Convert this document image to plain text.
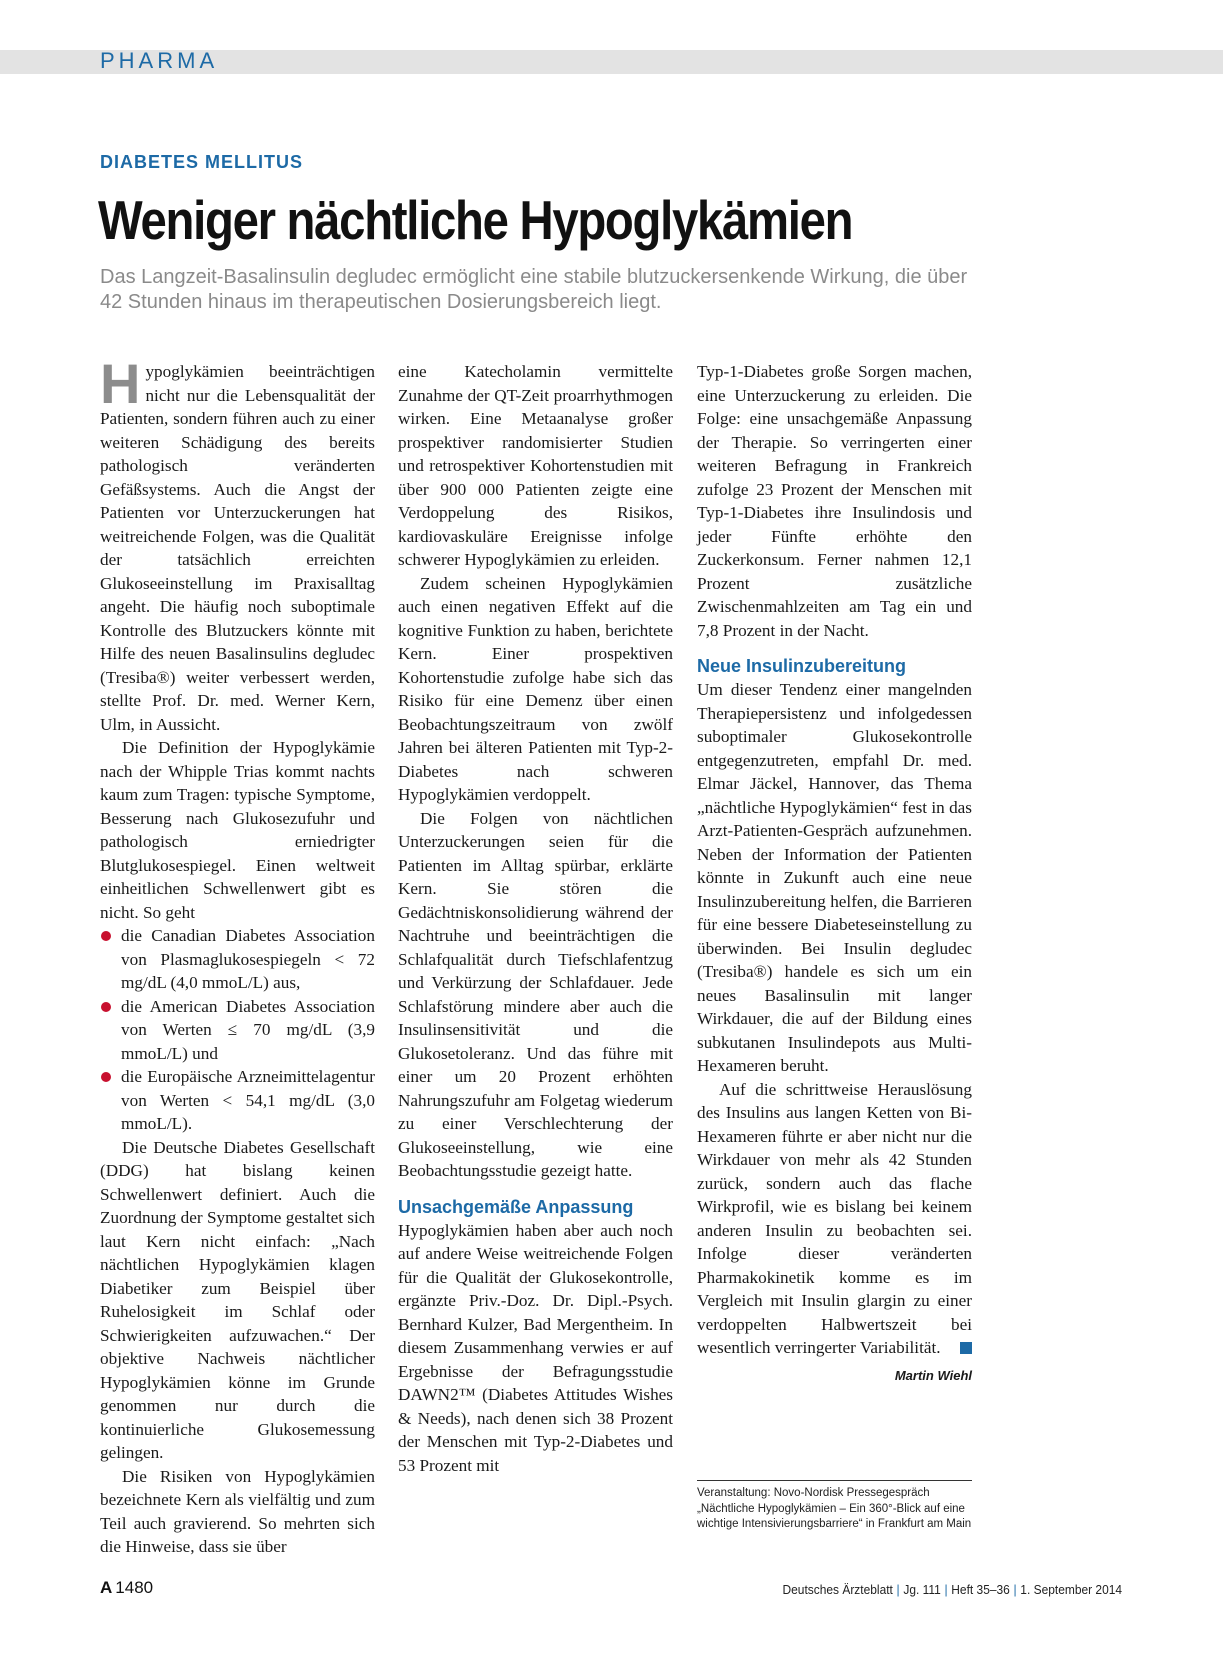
PHARMA
DIABETES MELLITUS
Weniger nächtliche Hypoglykämien

Das Langzeit-Basalinsulin degludec ermöglicht eine stabile blutzuckersenkende Wirkung, die über 42 Stunden hinaus im therapeutischen Dosierungsbereich liegt.

Hypoglykämien beeinträchtigen nicht nur die Lebensqualität der Patienten, sondern führen auch zu einer weiteren Schädigung des bereits pathologisch veränderten Gefäßsystems. Auch die Angst der Patienten vor Unterzuckerungen hat weitreichende Folgen, was die Qualität der tatsächlich erreichten Glukoseeinstellung im Praxisalltag angeht. Die häufig noch suboptimale Kontrolle des Blutzuckers könnte mit Hilfe des neuen Basalinsulins degludec (Tresiba®) weiter verbessert werden, stellte Prof. Dr. med. Werner Kern, Ulm, in Aussicht.

Die Definition der Hypoglykämie nach der Whipple Trias kommt nachts kaum zum Tragen: typische Symptome, Besserung nach Glukosezufuhr und pathologisch erniedrigter Blutglukosespiegel. Einen weltweit einheitlichen Schwellenwert gibt es nicht. So geht

die Canadian Diabetes Association von Plasmaglukosespiegeln < 72 mg/dL (4,0 mmoL/L) aus,
die American Diabetes Association von Werten ≤ 70 mg/dL (3,9 mmoL/L) und
die Europäische Arzneimittelagentur von Werten < 54,1 mg/dL (3,0 mmoL/L).

Die Deutsche Diabetes Gesellschaft (DDG) hat bislang keinen Schwellenwert definiert. Auch die Zuordnung der Symptome gestaltet sich laut Kern nicht einfach: „Nach nächtlichen Hypoglykämien klagen Diabetiker zum Beispiel über Ruhelosigkeit im Schlaf oder Schwierigkeiten aufzuwachen.“ Der objektive Nachweis nächtlicher Hypoglykämien könne im Grunde genommen nur durch die kontinuierliche Glukosemessung gelingen.

Die Risiken von Hypoglykämien bezeichnete Kern als vielfältig und zum Teil auch gravierend. So mehrten sich die Hinweise, dass sie über

eine Katecholamin vermittelte Zunahme der QT-Zeit proarrhythmogen wirken. Eine Metaanalyse großer prospektiver randomisierter Studien und retrospektiver Kohortenstudien mit über 900 000 Patienten zeigte eine Verdoppelung des Risikos, kardiovaskuläre Ereignisse infolge schwerer Hypoglykämien zu erleiden.

Zudem scheinen Hypoglykämien auch einen negativen Effekt auf die kognitive Funktion zu haben, berichtete Kern. Einer prospektiven Kohortenstudie zufolge habe sich das Risiko für eine Demenz über einen Beobachtungszeitraum von zwölf Jahren bei älteren Patienten mit Typ-2-Diabetes nach schweren Hypoglykämien verdoppelt.

Die Folgen von nächtlichen Unterzuckerungen seien für die Patienten im Alltag spürbar, erklärte Kern. Sie stören die Gedächtniskonsolidierung während der Nachtruhe und beeinträchtigen die Schlafqualität durch Tiefschlafentzug und Verkürzung der Schlafdauer. Jede Schlafstörung mindere aber auch die Insulinsensitivität und die Glukosetoleranz. Und das führe mit einer um 20 Prozent erhöhten Nahrungszufuhr am Folgetag wiederum zu einer Verschlechterung der Glukoseeinstellung, wie eine Beobachtungsstudie gezeigt hatte.

Unsachgemäße Anpassung

Hypoglykämien haben aber auch noch auf andere Weise weitreichende Folgen für die Qualität der Glukosekontrolle, ergänzte Priv.-Doz. Dr. Dipl.-Psych. Bernhard Kulzer, Bad Mergentheim. In diesem Zusammenhang verwies er auf Ergebnisse der Befragungsstudie DAWN2™ (Diabetes Attitudes Wishes & Needs), nach denen sich 38 Prozent der Menschen mit Typ-2-Diabetes und 53 Prozent mit

Typ-1-Diabetes große Sorgen machen, eine Unterzuckerung zu erleiden. Die Folge: eine unsachgemäße Anpassung der Therapie. So verringerten einer weiteren Befragung in Frankreich zufolge 23 Prozent der Menschen mit Typ-1-Diabetes ihre Insulindosis und jeder Fünfte erhöhte den Zuckerkonsum. Ferner nahmen 12,1 Prozent zusätzliche Zwischenmahlzeiten am Tag ein und 7,8 Prozent in der Nacht.

Neue Insulinzubereitung

Um dieser Tendenz einer mangelnden Therapiepersistenz und infolgedessen suboptimaler Glukosekontrolle entgegenzutreten, empfahl Dr. med. Elmar Jäckel, Hannover, das Thema „nächtliche Hypoglykämien“ fest in das Arzt-Patienten-Gespräch aufzunehmen. Neben der Information der Patienten könnte in Zukunft auch eine neue Insulinzubereitung helfen, die Barrieren für eine bessere Diabeteseinstellung zu überwinden. Bei Insulin degludec (Tresiba®) handele es sich um ein neues Basalinsulin mit langer Wirkdauer, die auf der Bildung eines subkutanen Insulindepots aus Multi-Hexameren beruht.

Auf die schrittweise Herauslösung des Insulins aus langen Ketten von Bi-Hexameren führte er aber nicht nur die Wirkdauer von mehr als 42 Stunden zurück, sondern auch das flache Wirkprofil, wie es bislang bei keinem anderen Insulin zu beobachten sei. Infolge dieser veränderten Pharmakokinetik komme es im Vergleich mit Insulin glargin zu einer verdoppelten Halbwertszeit bei wesentlich verringerter Variabilität.

Martin Wiehl
Veranstaltung: Novo-Nordisk Pressegespräch „Nächtliche Hypoglykämien – Ein 360°-Blick auf eine wichtige Intensivierungsbarriere“ in Frankfurt am Main
A 1480	Deutsches Ärzteblatt | Jg. 111 | Heft 35–36 | 1. September 2014
